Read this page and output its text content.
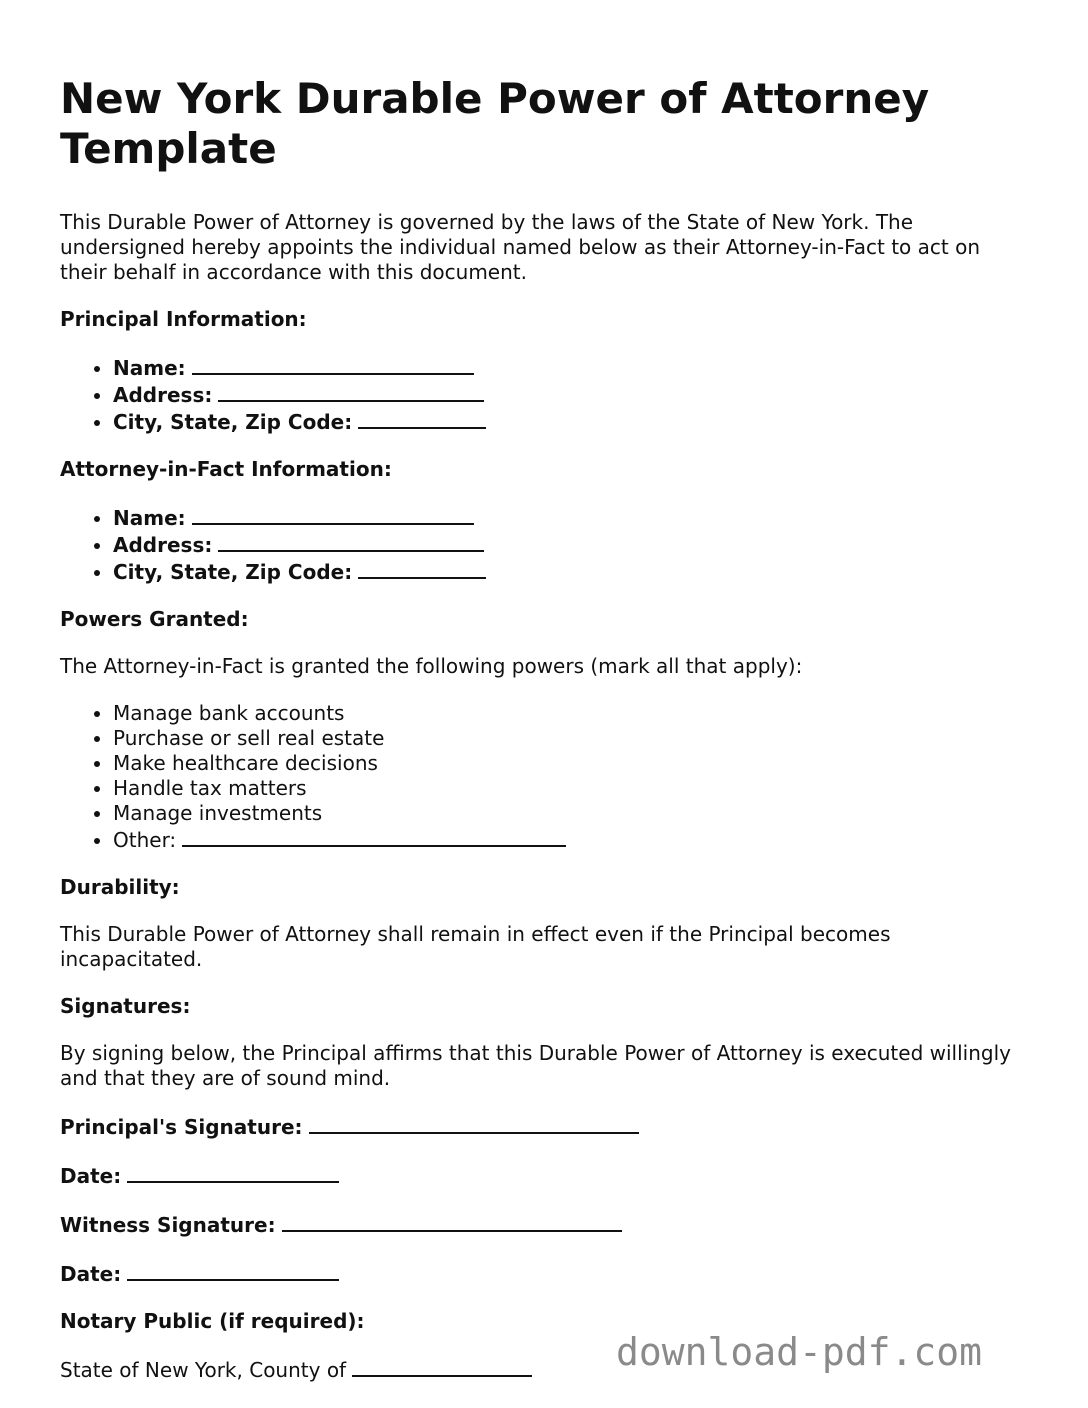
New York Durable Power of Attorney Template

This Durable Power of Attorney is governed by the laws of the State of New York. The undersigned hereby appoints the individual named below as their Attorney-in-Fact to act on their behalf in accordance with this document.

Principal Information:
• Name:
• Address:
• City, State, Zip Code:
Attorney-in-Fact Information:
• Name:
• Address:
• City, State, Zip Code:
Powers Granted:

The Attorney-in-Fact is granted the following powers (mark all that apply):

• Manage bank accounts
• Purchase or sell real estate
• Make healthcare decisions
• Handle tax matters
• Manage investments
• Other:
Durability:

This Durable Power of Attorney shall remain in effect even if the Principal becomes incapacitated.

Signatures:

By signing below, the Principal affirms that this Durable Power of Attorney is executed willingly and that they are of sound mind.

Principal's Signature:
Date:
Witness Signature:
Date:
Notary Public (if required):

State of New York, County of	download-pdf.com
